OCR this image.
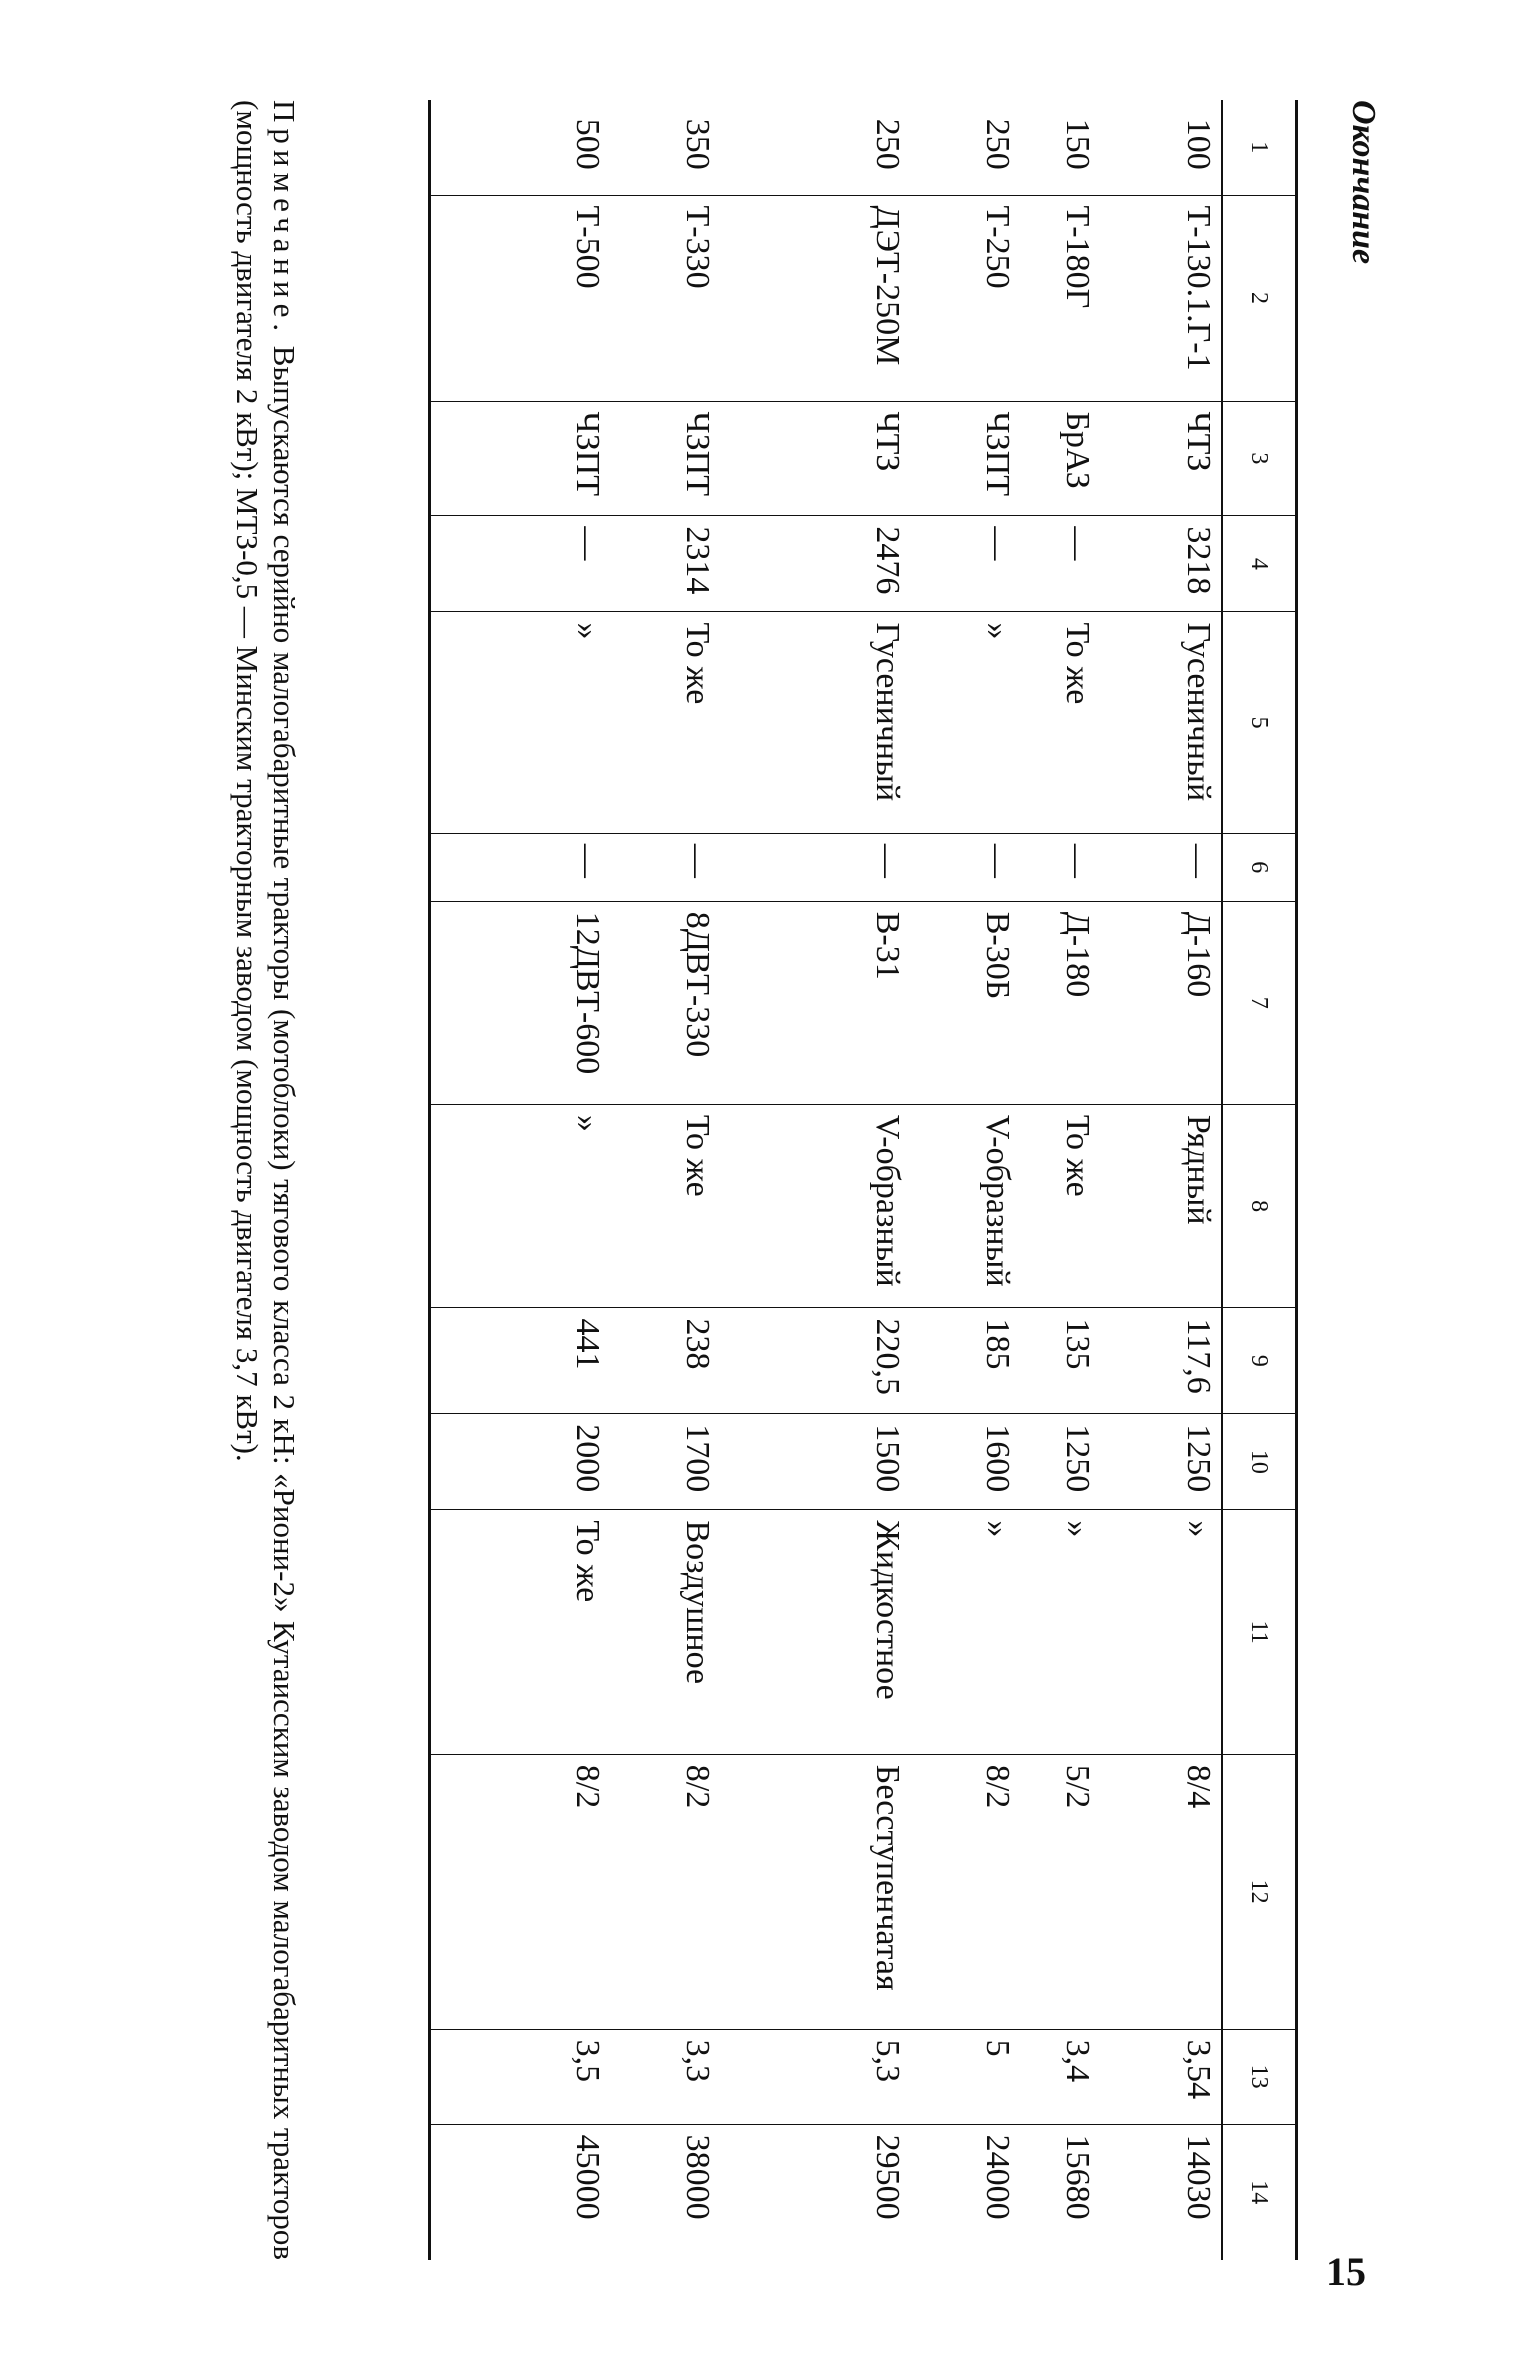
Окончание
1	2	3	4	5	6	7	8	9	10	11	12	13	14
100	Т-130.1.Г-1	ЧТЗ	3218	Гусеничный	—	Д-160	Рядный	117,6	1250	»	8/4	3,54	14030
150	Т-180Г	БрАЗ	—	То же	—	Д-180	То же	135	1250	»	5/2	3,4	15680
250	Т-250	ЧЗПТ	—	»	—	В-30Б	V-образный	185	1600	»	8/2	5	24000
250	ДЭТ-250М	ЧТЗ	2476	Гусеничный	—	В-31	V-образный	220,5	1500	Жидкостное	Бесступенчатая	5,3	29500
350	Т-330	ЧЗПТ	2314	То же	—	8ДВТ-330	То же	238	1700	Воздушное	8/2	3,3	38000
500	Т-500	ЧЗПТ	—	»	—	12ДВТ-600	»	441	2000	То же	8/2	3,5	45000
Примечание. Выпускаются серийно малогабаритные тракторы (мотоблоки) тягового класса 2 кН: «Риони-2» Кутаисским заводом малогабаритных тракторов (мощность двигателя 2 кВт); МТЗ-0,5 — Минским тракторным заводом (мощность двигателя 3,7 кВт).
15
